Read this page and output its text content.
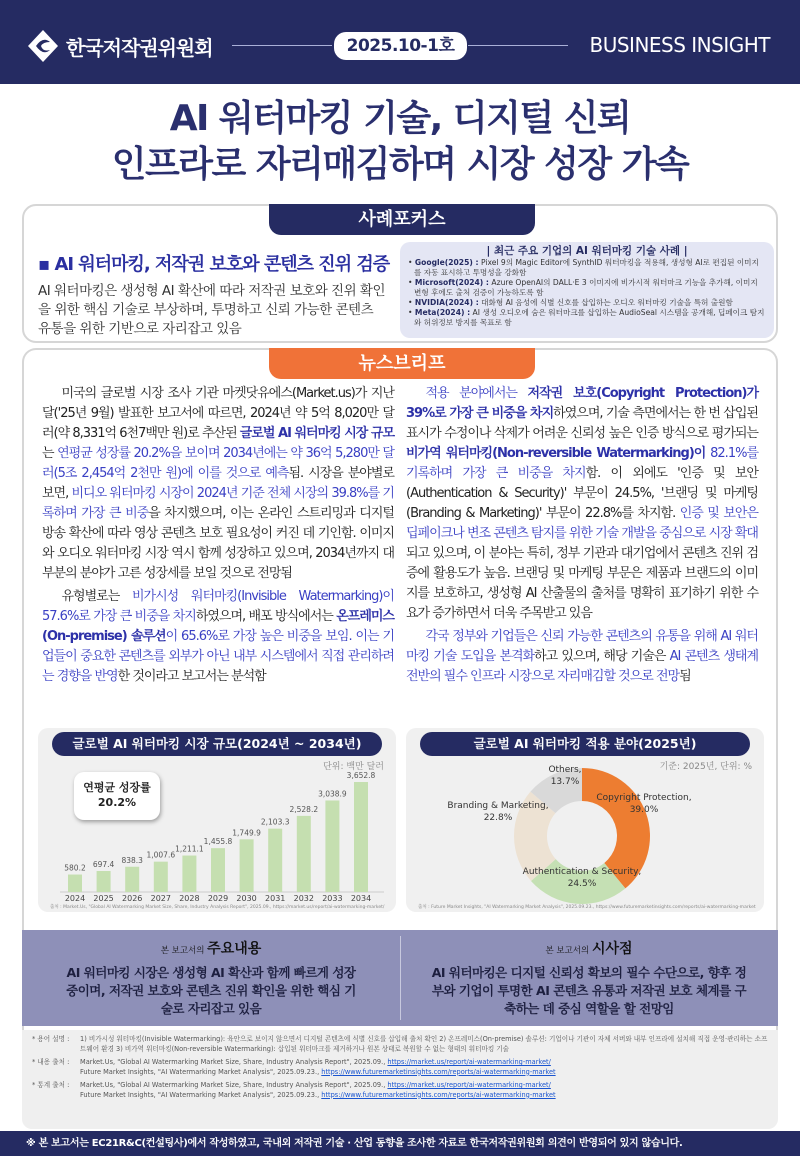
한국저작권위원회	2025.10-1호	BUSINESS INSIGHT
AI 워터마킹 기술, 디지털 신뢰
인프라로 자리매김하며 시장 성장 가속
사례포커스
▪ AI 워터마킹, 저작권 보호와 콘텐츠 진위 검증
AI 워터마킹은 생성형 AI 확산에 따라 저작권 보호와 진위 확인을 위한 핵심 기술로 부상하며, 투명하고 신뢰 가능한 콘텐츠 유통을 위한 기반으로 자리잡고 있음
| 최근 주요 기업의 AI 워터마킹 기술 사례 |
• Google(2025) : Pixel 9의 Magic Editor에 SynthID 워터마킹을 적용해, 생성형 AI로 편집된 이미지를 자동 표시하고 투명성을 강화함
• Microsoft(2024) : Azure OpenAI의 DALL·E 3 이미지에 비가시적 워터마크 기능을 추가해, 이미지 변형 후에도 출처 검증이 가능하도록 함
• NVIDIA(2024) : 대화형 AI 음성에 식별 신호를 삽입하는 오디오 워터마킹 기술을 특허 출원함
• Meta(2024) : AI 생성 오디오에 숨은 워터마크를 삽입하는 AudioSeal 시스템을 공개해, 딥페이크 탐지와 허위정보 방지를 목표로 함
뉴스브리프

미국의 글로벌 시장 조사 기관 마켓닷유에스(Market.us)가 지난달('25년 9월) 발표한 보고서에 따르면, 2024년 약 5억 8,020만 달러(약 8,331억 6천7백만 원)로 추산된 글로벌 AI 워터마킹 시장 규모는 연평균 성장률 20.2%을 보이며 2034년에는 약 36억 5,280만 달러(5조 2,454억 2천만 원)에 이를 것으로 예측됨. 시장을 분야별로 보면, 비디오 워터마킹 시장이 2024년 기준 전체 시장의 39.8%를 기록하며 가장 큰 비중을 차지했으며, 이는 온라인 스트리밍과 디지털 방송 확산에 따라 영상 콘텐츠 보호 필요성이 커진 데 기인함. 이미지와 오디오 워터마킹 시장 역시 함께 성장하고 있으며, 2034년까지 대부분의 분야가 고른 성장세를 보일 것으로 전망됨

유형별로는 비가시성 워터마킹(Invisible Watermarking)이 57.6%로 가장 큰 비중을 차지하였으며, 배포 방식에서는 온프레미스(On-premise) 솔루션이 65.6%로 가장 높은 비중을 보임. 이는 기업들이 중요한 콘텐츠를 외부가 아닌 내부 시스템에서 직접 관리하려는 경향을 반영한 것이라고 보고서는 분석함

적용 분야에서는 저작권 보호(Copyright Protection)가 39%로 가장 큰 비중을 차지하였으며, 기술 측면에서는 한 번 삽입된 표시가 수정이나 삭제가 어려운 신뢰성 높은 인증 방식으로 평가되는 비가역 워터마킹(Non-reversible Watermarking)이 82.1%를 기록하며 가장 큰 비중을 차지함. 이 외에도 '인증 및 보안(Authentication & Security)' 부문이 24.5%, '브랜딩 및 마케팅(Branding & Marketing)' 부문이 22.8%를 차지함. 인증 및 보안은 딥페이크나 변조 콘텐츠 탐지를 위한 기술 개발을 중심으로 시장 확대되고 있으며, 이 분야는 특히, 정부 기관과 대기업에서 콘텐츠 진위 검증에 활용도가 높음. 브랜딩 및 마케팅 부문은 제품과 브랜드의 이미지를 보호하고, 생성형 AI 산출물의 출처를 명확히 표기하기 위한 수요가 증가하면서 더욱 주목받고 있음

각국 정부와 기업들은 신뢰 가능한 콘텐츠의 유통을 위해 AI 워터마킹 기술 도입을 본격화하고 있으며, 해당 기술은 AI 콘텐츠 생태계 전반의 필수 인프라 시장으로 자리매김할 것으로 전망됨

글로벌 AI 워터마킹 시장 규모(2024년 ~ 2034년)
단위: 백만 달러
580.2
2024
697.4
2025
838.3
2026
1,007.6
2027
1,211.1
2028
1,455.8
2029
1,749.9
2030
2,103.3
2031
2,528.2
2032
3,038.9
2033
3,652.8
2034
연평균 성장률
20.2%
출처 : Market.Us, "Global AI Watermarking Market Size, Share, Industry Analysis Report", 2025.09., https://market.us/report/ai-watermarking-market/
글로벌 AI 워터마킹 적용 분야(2025년)
기준: 2025년, 단위: %
Copyright Protection,
39.0%
Authentication & Security,
24.5%
Branding & Marketing,
22.8%
Others,
13.7%
출처 : Future Market Insights, "AI Watermarking Market Analysis", 2025.09.23., https://www.futuremarketinsights.com/reports/ai-watermarking-market
본 보고서의 주요내용
AI 워터마킹 시장은 생성형 AI 확산과 함께 빠르게 성장 중이며, 저작권 보호와 콘텐츠 진위 확인을 위한 핵심 기술로 자리잡고 있음
본 보고서의 시사점
AI 워터마킹은 디지털 신뢰성 확보의 필수 수단으로, 향후 정부와 기업이 투명한 AI 콘텐츠 유통과 저작권 보호 체계를 구축하는 데 중심 역할을 할 전망임
* 용어 설명 :	1) 비가시성 워터마킹(Invisible Watermarking): 육안으로 보이지 않으면서 디지털 콘텐츠에 식별 신호를 삽입해 출처 확인 2) 온프레미스(On-premise) 솔루션: 기업이나 기관이 자체 서버와 내부 인프라에 설치해 직접 운영·관리하는 소프트웨어 환경 3) 비가역 워터마킹(Non-reversible Watermarking): 삽입된 워터마크를 제거하거나 원본 상태로 복원할 수 없는 형태의 워터마킹 기술
* 내용 출처 :	Market.Us, "Global AI Watermarking Market Size, Share, Industry Analysis Report", 2025.09., https://market.us/report/ai-watermarking-market/
Future Market Insights, "AI Watermarking Market Analysis", 2025.09.23., https://www.futuremarketinsights.com/reports/ai-watermarking-market
* 통계 출처 :	Market.Us, "Global AI Watermarking Market Size, Share, Industry Analysis Report", 2025.09., https://market.us/report/ai-watermarking-market/
Future Market Insights, "AI Watermarking Market Analysis", 2025.09.23., https://www.futuremarketinsights.com/reports/ai-watermarking-market
※ 본 보고서는 EC21R&C(컨설팅사)에서 작성하였고, 국내외 저작권 기술 · 산업 동향을 조사한 자료로 한국저작권위원회 의견이 반영되어 있지 않습니다.
